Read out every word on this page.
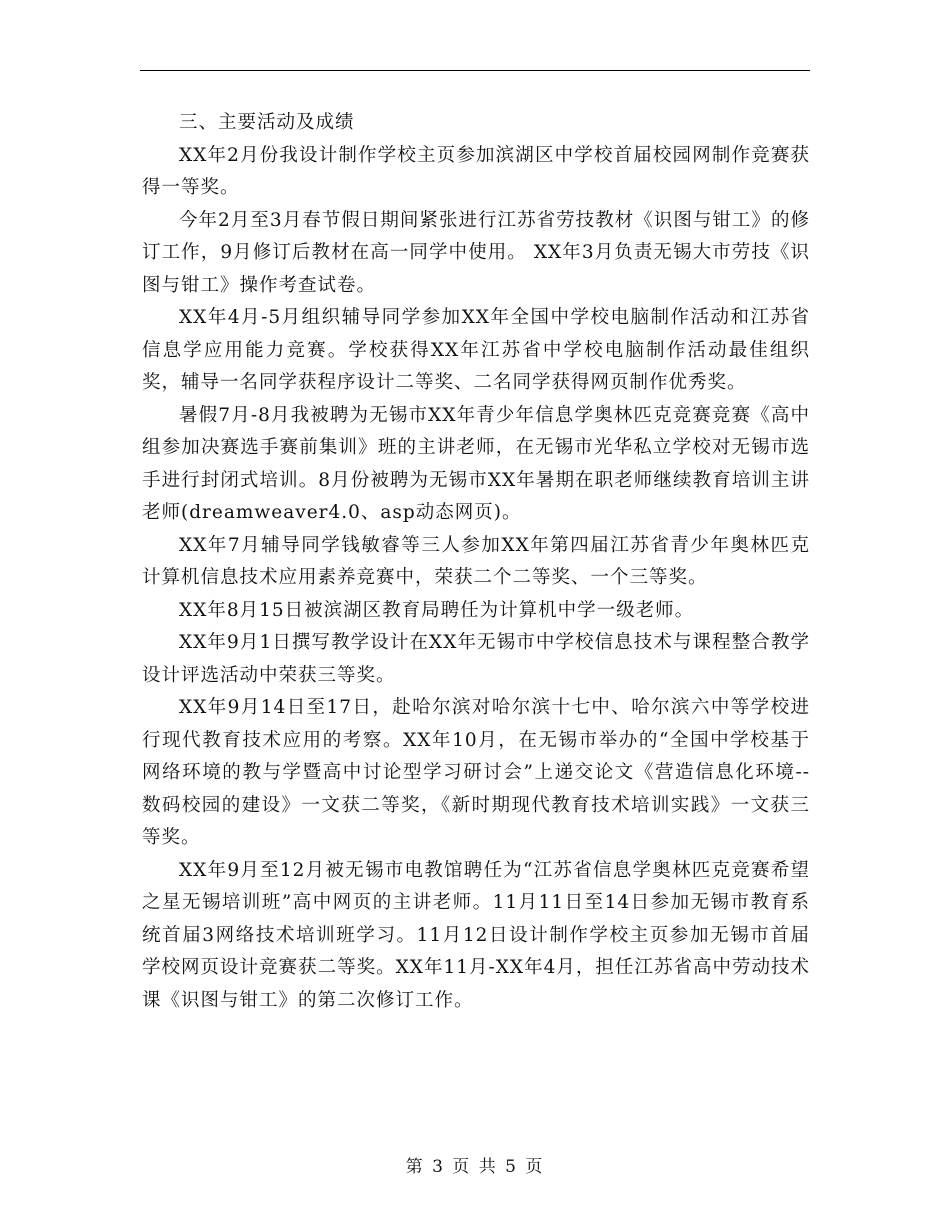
三、主要活动及成绩

XX年2月份我设计制作学校主页参加滨湖区中学校首届校园网制作竞赛获得一等奖。

今年2月至3月春节假日期间紧张进行江苏省劳技教材《识图与钳工》的修订工作，9月修订后教材在高一同学中使用。 XX年3月负责无锡大市劳技《识图与钳工》操作考查试卷。

XX年4月-5月组织辅导同学参加XX年全国中学校电脑制作活动和江苏省信息学应用能力竞赛。学校获得XX年江苏省中学校电脑制作活动最佳组织奖，辅导一名同学获程序设计二等奖、二名同学获得网页制作优秀奖。

暑假7月-8月我被聘为无锡市XX年青少年信息学奥林匹克竞赛竞赛《高中组参加决赛选手赛前集训》班的主讲老师，在无锡市光华私立学校对无锡市选手进行封闭式培训。8月份被聘为无锡市XX年暑期在职老师继续教育培训主讲老师(dreamweaver4.0、asp动态网页)。

XX年7月辅导同学钱敏睿等三人参加XX年第四届江苏省青少年奥林匹克计算机信息技术应用素养竞赛中，荣获二个二等奖、一个三等奖。

XX年8月15日被滨湖区教育局聘任为计算机中学一级老师。

XX年9月1日撰写教学设计在XX年无锡市中学校信息技术与课程整合教学设计评选活动中荣获三等奖。

XX年9月14日至17日，赴哈尔滨对哈尔滨十七中、哈尔滨六中等学校进行现代教育技术应用的考察。XX年10月，在无锡市举办的“全国中学校基于网络环境的教与学暨高中讨论型学习研讨会”上递交论文《营造信息化环境--数码校园的建设》一文获二等奖，《新时期现代教育技术培训实践》一文获三等奖。

XX年9月至12月被无锡市电教馆聘任为“江苏省信息学奥林匹克竞赛希望之星无锡培训班”高中网页的主讲老师。11月11日至14日参加无锡市教育系统首届3网络技术培训班学习。11月12日设计制作学校主页参加无锡市首届学校网页设计竞赛获二等奖。XX年11月-XX年4月，担任江苏省高中劳动技术课《识图与钳工》的第二次修订工作。

第 3 页 共 5 页
